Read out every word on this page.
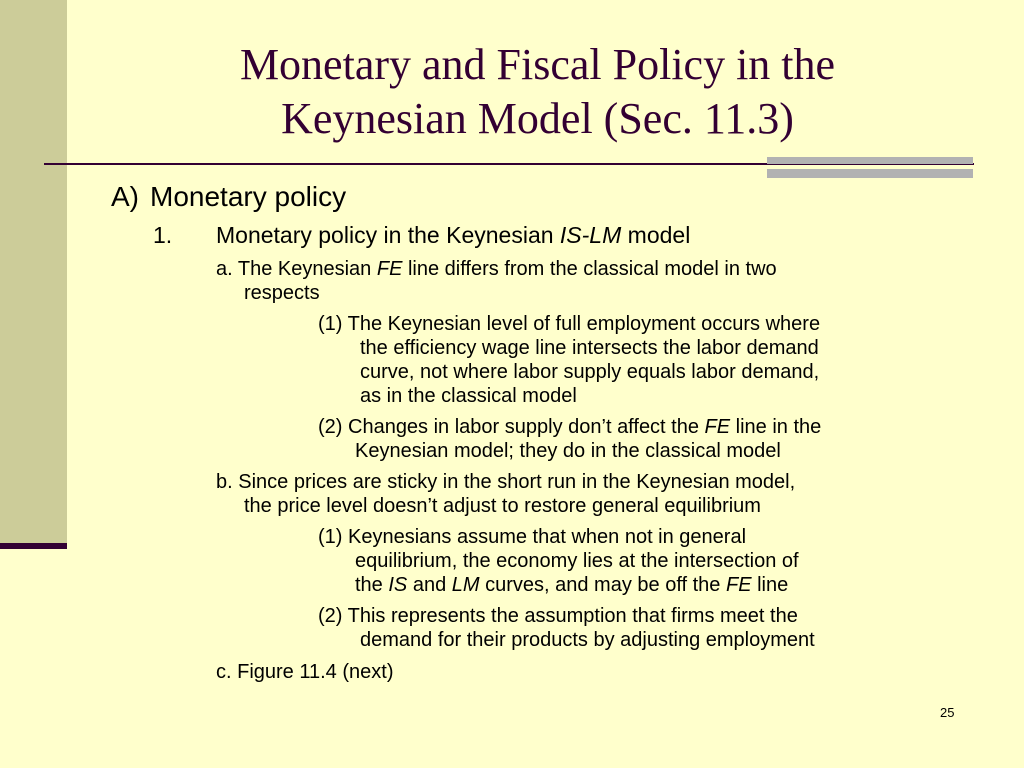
Monetary and Fiscal Policy in the
Keynesian Model (Sec. 11.3)
A) Monetary policy
1. Monetary policy in the Keynesian IS-LM model
a. The Keynesian FE line differs from the classical model in two
respects
(1) The Keynesian level of full employment occurs where
the efficiency wage line intersects the labor demand
curve, not where labor supply equals labor demand,
as in the classical model
(2) Changes in labor supply don’t affect the FE line in the
Keynesian model; they do in the classical model
b. Since prices are sticky in the short run in the Keynesian model,
the price level doesn’t adjust to restore general equilibrium
(1) Keynesians assume that when not in general
equilibrium, the economy lies at the intersection of
the IS and LM curves, and may be off the FE line
(2) This represents the assumption that firms meet the
demand for their products by adjusting employment
c. Figure 11.4 (next)
25
